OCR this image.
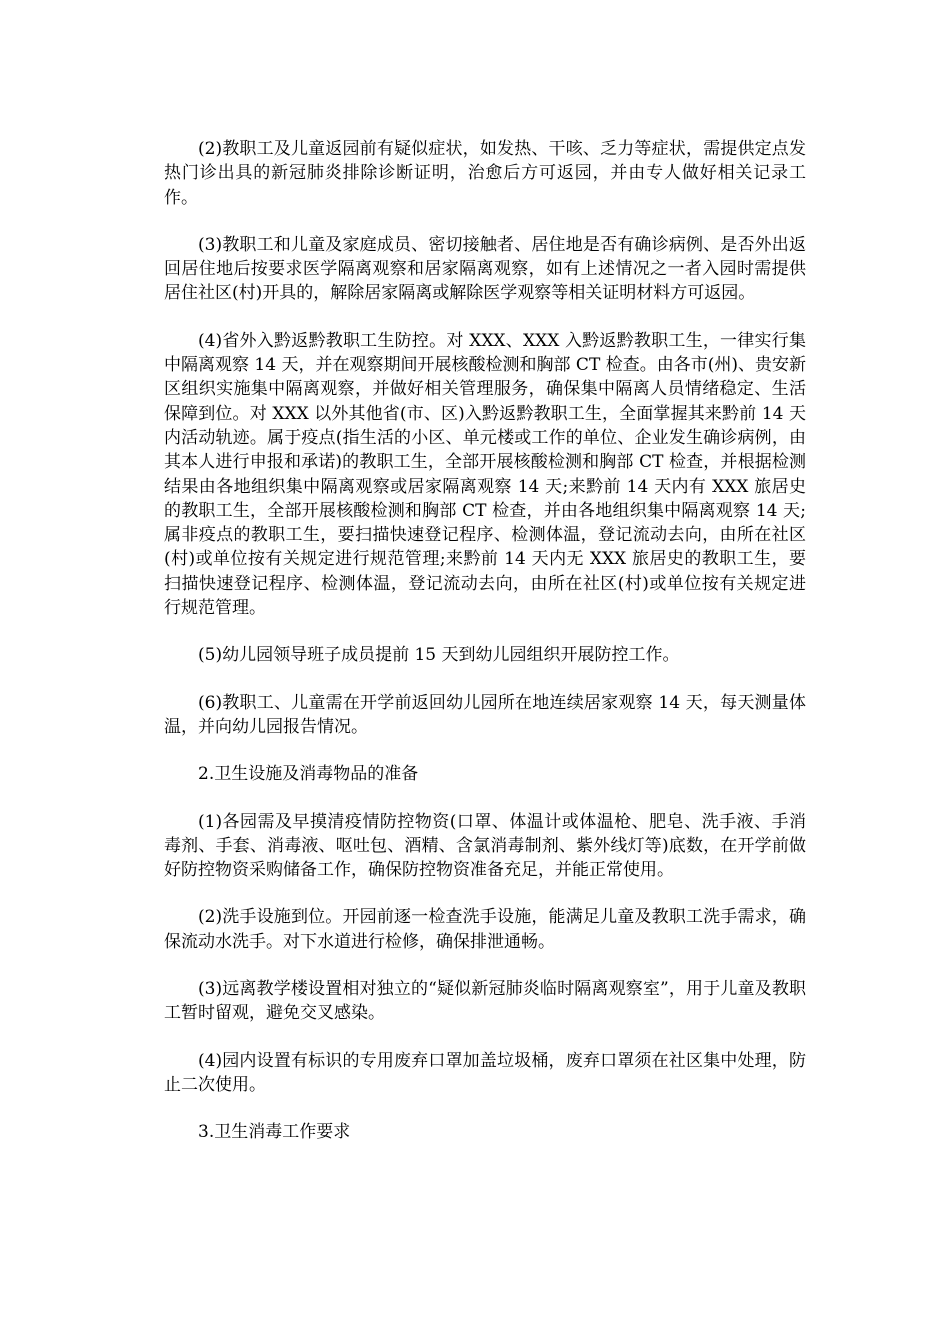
(2)教职工及儿童返园前有疑似症状，如发热、干咳、乏力等症状，需提供定点发热门诊出具的新冠肺炎排除诊断证明，治愈后方可返园，并由专人做好相关记录工作。

(3)教职工和儿童及家庭成员、密切接触者、居住地是否有确诊病例、是否外出返回居住地后按要求医学隔离观察和居家隔离观察，如有上述情况之一者入园时需提供居住社区(村)开具的，解除居家隔离或解除医学观察等相关证明材料方可返园。

(4)省外入黔返黔教职工生防控。对 XXX、XXX 入黔返黔教职工生，一律实行集中隔离观察 14 天，并在观察期间开展核酸检测和胸部 CT 检查。由各市(州)、贵安新区组织实施集中隔离观察，并做好相关管理服务，确保集中隔离人员情绪稳定、生活保障到位。对 XXX 以外其他省(市、区)入黔返黔教职工生，全面掌握其来黔前 14 天内活动轨迹。属于疫点(指生活的小区、单元楼或工作的单位、企业发生确诊病例，由其本人进行申报和承诺)的教职工生，全部开展核酸检测和胸部 CT 检查，并根据检测结果由各地组织集中隔离观察或居家隔离观察 14 天;来黔前 14 天内有 XXX 旅居史的教职工生，全部开展核酸检测和胸部 CT 检查，并由各地组织集中隔离观察 14 天;属非疫点的教职工生，要扫描快速登记程序、检测体温，登记流动去向，由所在社区(村)或单位按有关规定进行规范管理;来黔前 14 天内无 XXX 旅居史的教职工生，要扫描快速登记程序、检测体温，登记流动去向，由所在社区(村)或单位按有关规定进行规范管理。

(5)幼儿园领导班子成员提前 15 天到幼儿园组织开展防控工作。

(6)教职工、儿童需在开学前返回幼儿园所在地连续居家观察 14 天，每天测量体温，并向幼儿园报告情况。

2.卫生设施及消毒物品的准备

(1)各园需及早摸清疫情防控物资(口罩、体温计或体温枪、肥皂、洗手液、手消毒剂、手套、消毒液、呕吐包、酒精、含氯消毒制剂、紫外线灯等)底数，在开学前做好防控物资采购储备工作，确保防控物资准备充足，并能正常使用。

(2)洗手设施到位。开园前逐一检查洗手设施，能满足儿童及教职工洗手需求，确保流动水洗手。对下水道进行检修，确保排泄通畅。

(3)远离教学楼设置相对独立的“疑似新冠肺炎临时隔离观察室”，用于儿童及教职工暂时留观，避免交叉感染。

(4)园内设置有标识的专用废弃口罩加盖垃圾桶，废弃口罩须在社区集中处理，防止二次使用。

3.卫生消毒工作要求
